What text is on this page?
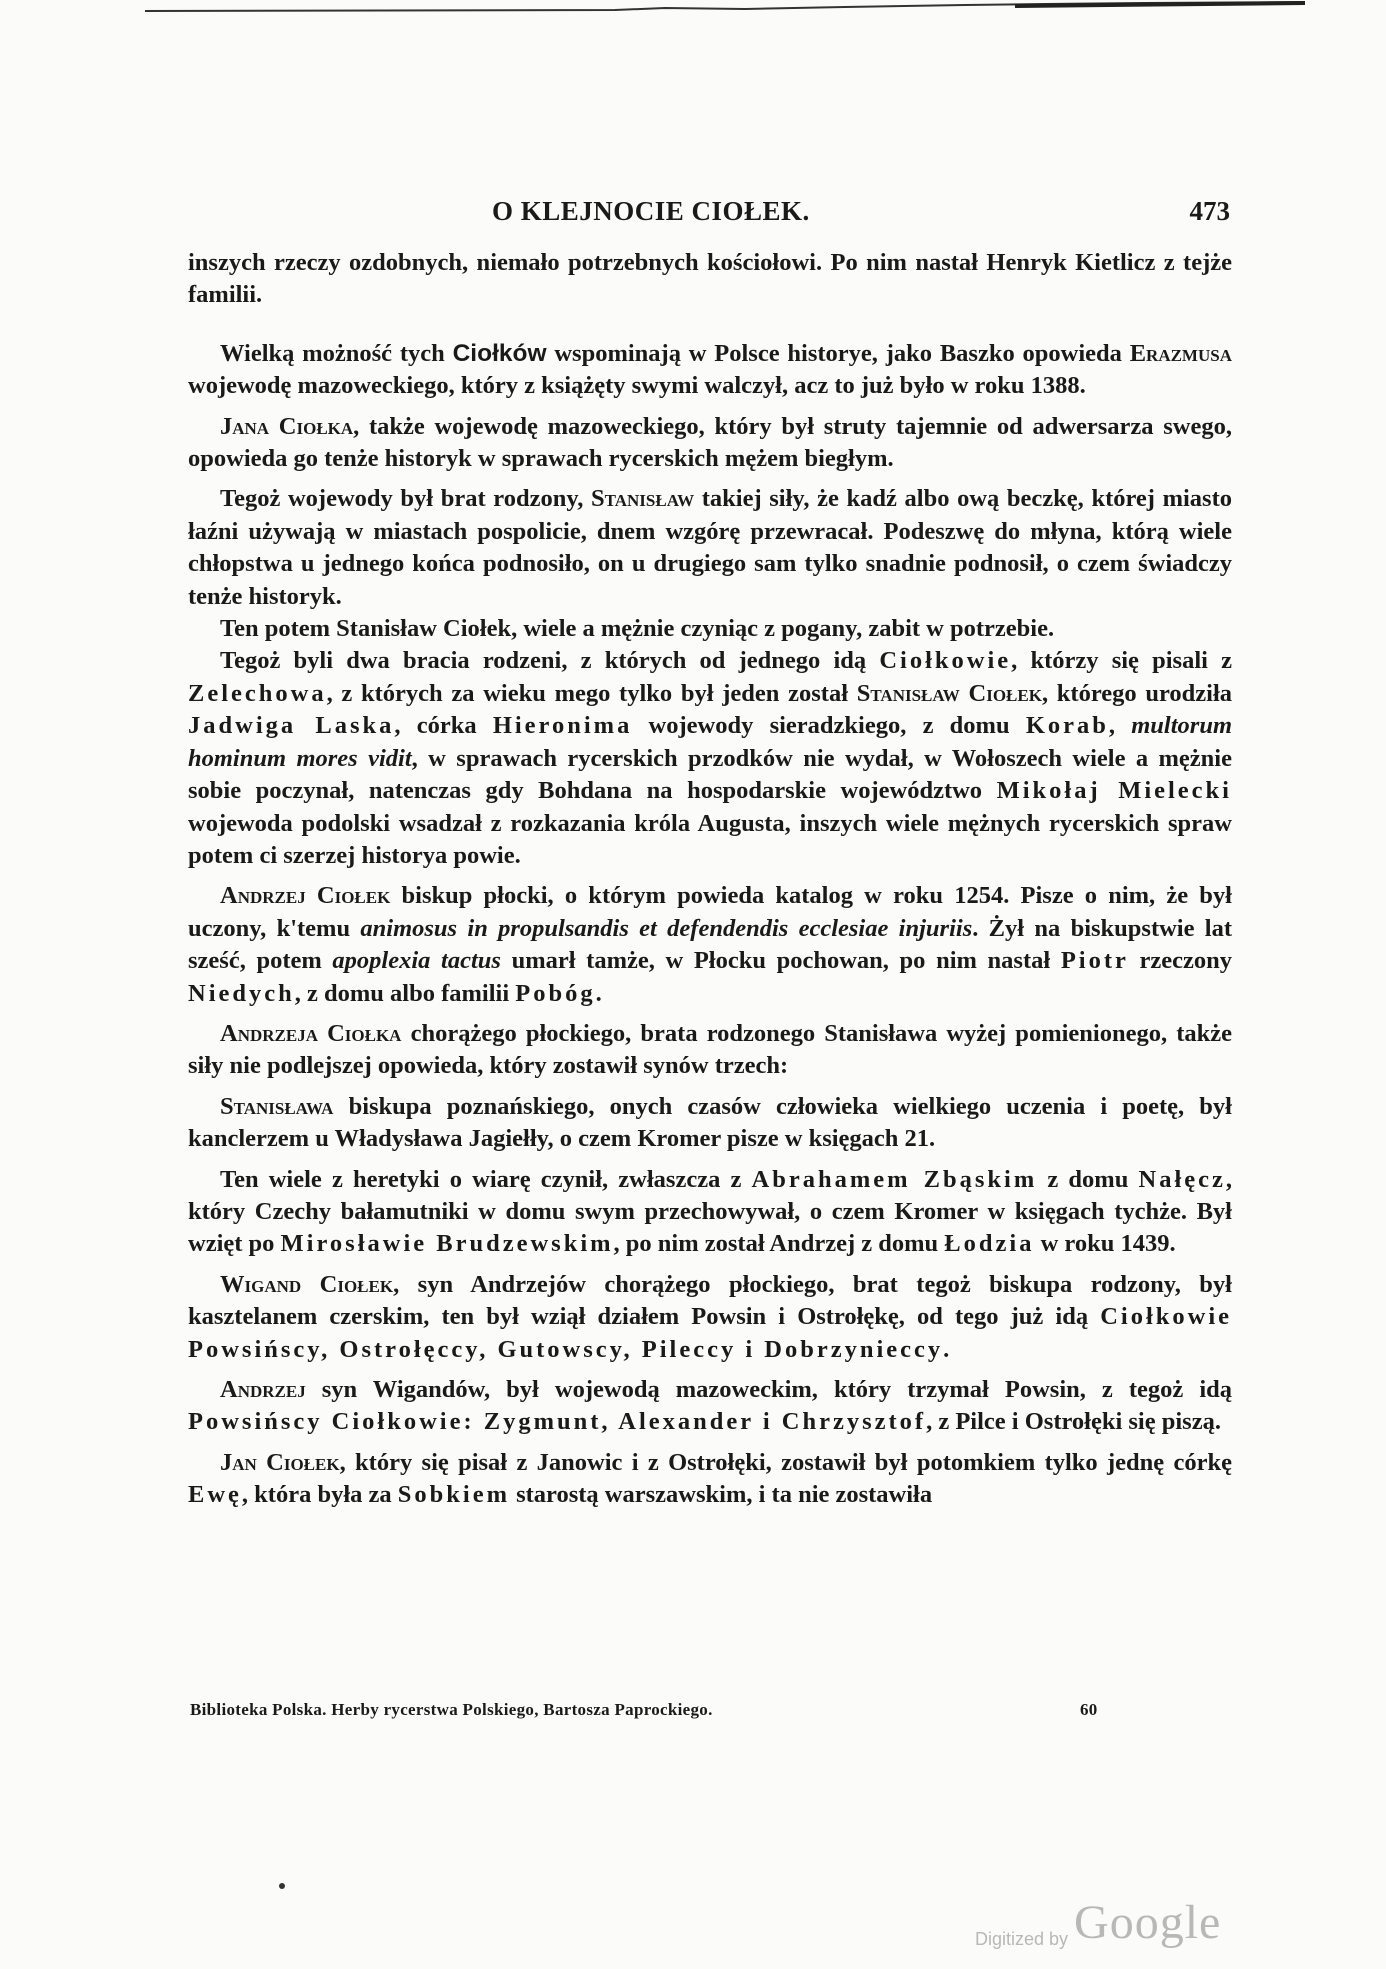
O KLEJNOCIE CIOŁEK.	473

inszych rzeczy ozdobnych, niemało potrzebnych kościołowi. Po nim nastał Henryk Kietlicz z tejże familii.

Wielką możność tych Ciołków wspominają w Polsce historye, jako Baszko opowieda Erazmusa wojewodę mazoweckiego, który z książęty swymi walczył, acz to już było w roku 1388.

Jana Ciołka, także wojewodę mazoweckiego, który był struty tajemnie od adwersarza swego, opowieda go tenże historyk w sprawach rycerskich mężem biegłym.

Tegoż wojewody był brat rodzony, Stanisław takiej siły, że kadź albo ową beczkę, której miasto łaźni używają w miastach pospolicie, dnem wzgórę przewracał. Podeszwę do młyna, którą wiele chłopstwa u jednego końca podnosiło, on u drugiego sam tylko snadnie podnosił, o czem świadczy tenże historyk.

Ten potem Stanisław Ciołek, wiele a mężnie czyniąc z pogany, zabit w potrzebie.

Tegoż byli dwa bracia rodzeni, z których od jednego idą Ciołkowie, którzy się pisali z Zelechowa, z których za wieku mego tylko był jeden został Stanisław Ciołek, którego urodziła Jadwiga Laska, córka Hieronima wojewody sieradzkiego, z domu Korab, multorum hominum mores vidit, w sprawach rycerskich przodków nie wydał, w Wołoszech wiele a mężnie sobie poczynał, natenczas gdy Bohdana na hospodarskie województwo Mikołaj Mielecki wojewoda podolski wsadzał z rozkazania króla Augusta, inszych wiele mężnych rycerskich spraw potem ci szerzej historya powie.

Andrzej Ciołek biskup płocki, o którym powieda katalog w roku 1254. Pisze o nim, że był uczony, k'temu animosus in propulsandis et defendendis ecclesiae injuriis. Żył na biskupstwie lat sześć, potem apoplexia tactus umarł tamże, w Płocku pochowan, po nim nastał Piotr rzeczony Niedych, z domu albo familii Pobóg.

Andrzeja Ciołka chorążego płockiego, brata rodzonego Stanisława wyżej pomienionego, także siły nie podlejszej opowieda, który zostawił synów trzech:

Stanisława biskupa poznańskiego, onych czasów człowieka wielkiego uczenia i poetę, był kanclerzem u Władysława Jagiełły, o czem Kromer pisze w księgach 21.

Ten wiele z heretyki o wiarę czynił, zwłaszcza z Abrahamem Zbąskim z domu Nałęcz, który Czechy bałamutniki w domu swym przechowywał, o czem Kromer w księgach tychże. Był wzięt po Mirosławie Brudzewskim, po nim został Andrzej z domu Łodzia w roku 1439.

Wigand Ciołek, syn Andrzejów chorążego płockiego, brat tegoż biskupa rodzony, był kasztelanem czerskim, ten był wziął działem Powsin i Ostrołękę, od tego już idą Ciołkowie Powsińscy, Ostrołęccy, Gutowscy, Pileccy i Dobrzynieccy.

Andrzej syn Wigandów, był wojewodą mazoweckim, który trzymał Powsin, z tegoż idą Powsińscy Ciołkowie: Zygmunt, Alexander i Chrzysztof, z Pilce i Ostrołęki się piszą.

Jan Ciołek, który się pisał z Janowic i z Ostrołęki, zostawił był potomkiem tylko jednę córkę Ewę, która była za Sobkiem starostą warszawskim, i ta nie zostawiła

Biblioteka Polska. Herby rycerstwa Polskiego, Bartosza Paprockiego.	60
Digitized by Google
